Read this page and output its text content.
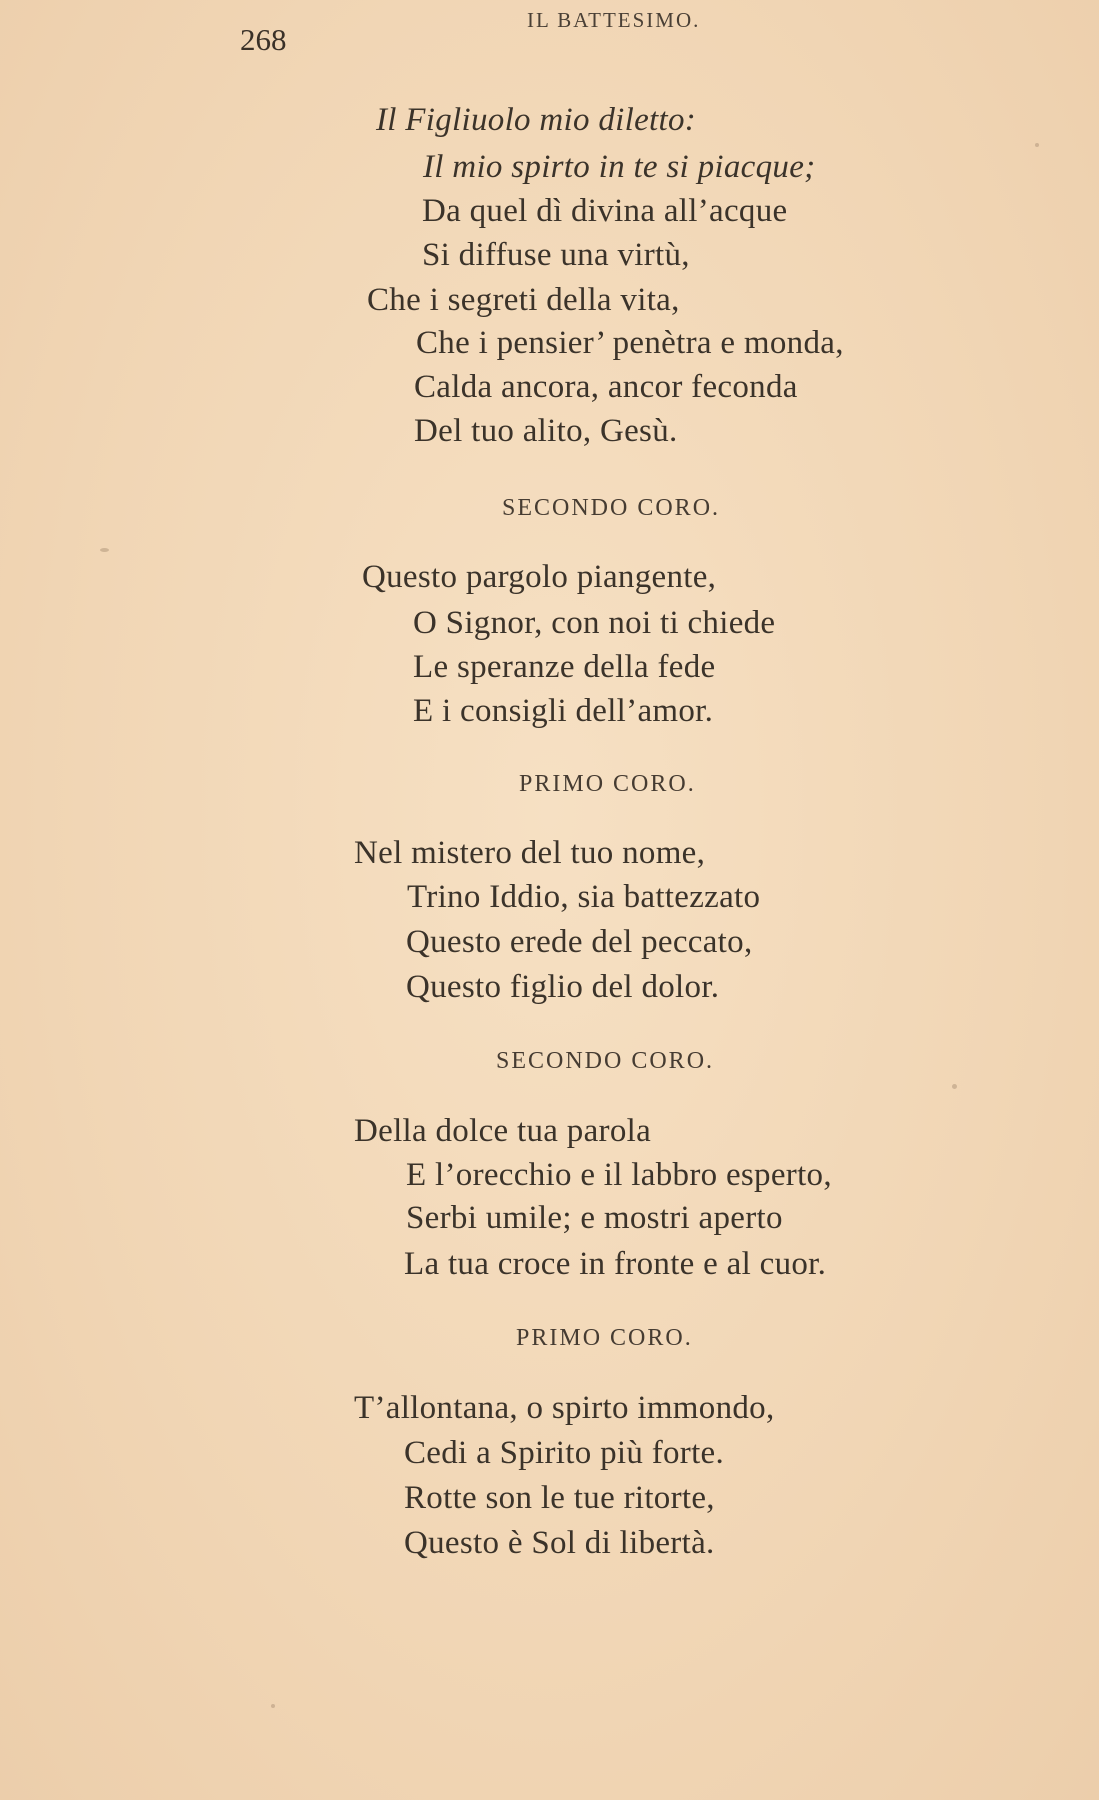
268
IL BATTESIMO.
Il Figliuolo mio diletto:
Il mio spirto in te si piacque;
Da quel dì divina all’acque
Si diffuse una virtù,
Che i segreti della vita,
Che i pensier’ penètra e monda,
Calda ancora, ancor feconda
Del tuo alito, Gesù.
SECONDO CORO.
Questo pargolo piangente,
O Signor, con noi ti chiede
Le speranze della fede
E i consigli dell’amor.
PRIMO CORO.
Nel mistero del tuo nome,
Trino Iddio, sia battezzato
Questo erede del peccato,
Questo figlio del dolor.
SECONDO CORO.
Della dolce tua parola
E l’orecchio e il labbro esperto,
Serbi umile; e mostri aperto
La tua croce in fronte e al cuor.
PRIMO CORO.
T’allontana, o spirto immondo,
Cedi a Spirito più forte.
Rotte son le tue ritorte,
Questo è Sol di libertà.
